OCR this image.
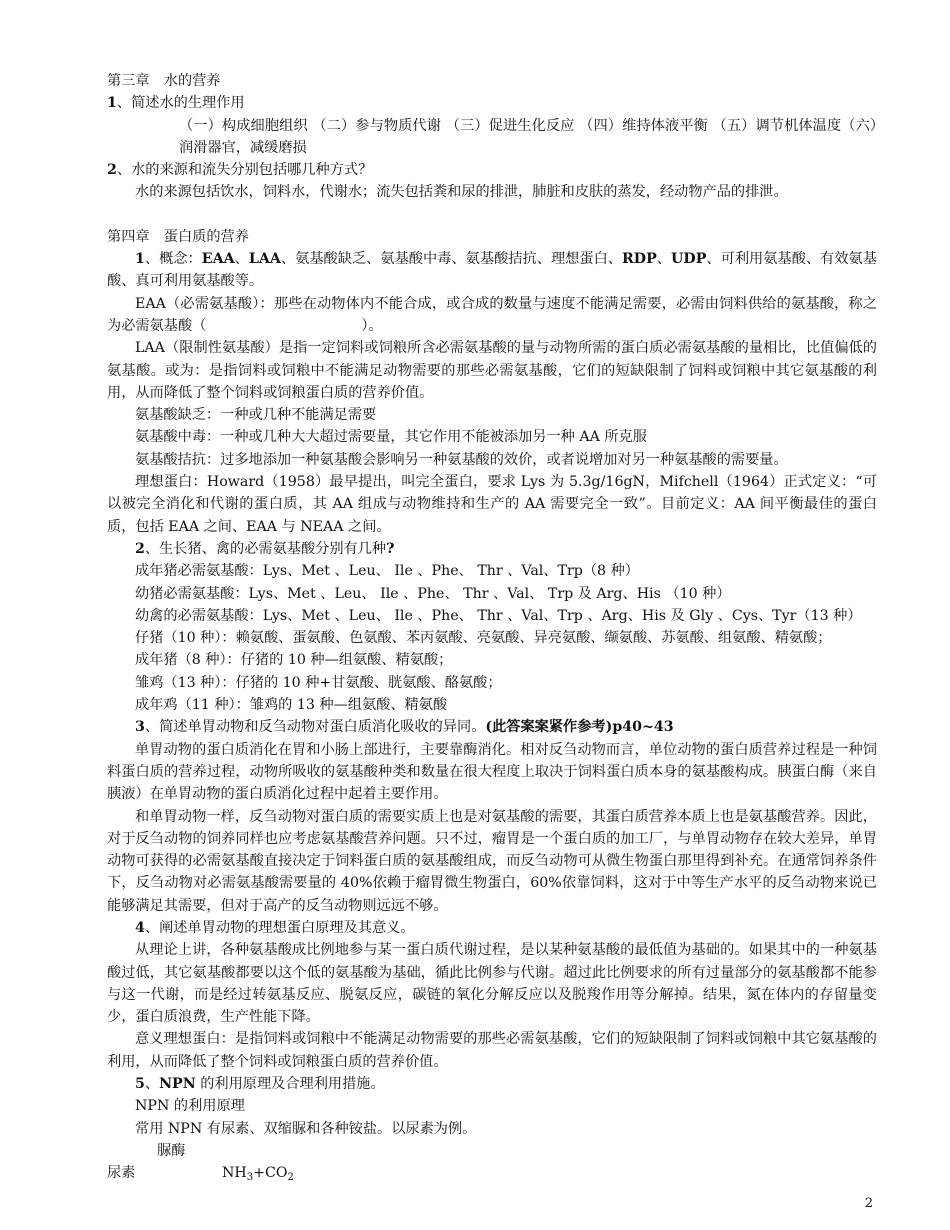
第三章　水的营养

1、简述水的生理作用

（一）构成细胞组织 （二）参与物质代谢 （三）促进生化反应 （四）维持体液平衡 （五）调节机体温度（六）润滑器官，减缓磨损

2、水的来源和流失分别包括哪几种方式？

水的来源包括饮水，饲料水，代谢水；流失包括粪和尿的排泄，肺脏和皮肤的蒸发，经动物产品的排泄。

第四章　蛋白质的营养

1、概念：EAA、LAA、氨基酸缺乏、氨基酸中毒、氨基酸拮抗、理想蛋白、RDP、UDP、可利用氨基酸、有效氨基酸、真可利用氨基酸等。

EAA（必需氨基酸）：那些在动物体内不能合成，或合成的数量与速度不能满足需要，必需由饲料供给的氨基酸，称之为必需氨基酸（	）。

LAA（限制性氨基酸）是指一定饲料或饲粮所含必需氨基酸的量与动物所需的蛋白质必需氨基酸的量相比，比值偏低的 氨基酸。或为：是指饲料或饲粮中不能满足动物需要的那些必需氨基酸，它们的短缺限制了饲料或饲粮中其它氨基酸的利用，从而降低了整个饲料或饲粮蛋白质的营养价值。

氨基酸缺乏：一种或几种不能满足需要

氨基酸中毒：一种或几种大大超过需要量，其它作用不能被添加另一种 AA 所克服

氨基酸拮抗：过多地添加一种氨基酸会影响另一种氨基酸的效价，或者说增加对另一种氨基酸的需要量。

理想蛋白：Howard（1958）最早提出，叫完全蛋白，要求 Lys 为 5.3g/16gN，Mifchell（1964）正式定义：“可以被完全消化和代谢的蛋白质，其 AA 组成与动物维持和生产的 AA 需要完全一致”。目前定义：AA 间平衡最佳的蛋白质，包括 EAA 之间、EAA 与 NEAA 之间。

2、生长猪、禽的必需氨基酸分别有几种?

成年猪必需氨基酸：Lys、Met 、Leu、 Ile 、Phe、 Thr 、Val、Trp（8 种）

幼猪必需氨基酸：Lys、Met 、Leu、 Ile 、Phe、 Thr 、Val、 Trp 及 Arg、His （10 种）

幼禽的必需氨基酸：Lys、Met 、Leu、 Ile 、Phe、 Thr 、Val、Trp 、Arg、His 及 Gly 、Cys、Tyr（13 种）

仔猪（10 种）：赖氨酸、蛋氨酸、色氨酸、苯丙氨酸、亮氨酸、异亮氨酸、缬氨酸、苏氨酸、组氨酸、精氨酸；

成年猪（8 种）：仔猪的 10 种—组氨酸、精氨酸；

雏鸡（13 种）：仔猪的 10 种+甘氨酸、胱氨酸、酪氨酸；

成年鸡（11 种）：雏鸡的 13 种—组氨酸、精氨酸

3、简述单胃动物和反刍动物对蛋白质消化吸收的异同。(此答案案紧作参考)p40~43

单胃动物的蛋白质消化在胃和小肠上部进行，主要靠酶消化。相对反刍动物而言，单位动物的蛋白质营养过程是一种饲料蛋白质的营养过程，动物所吸收的氨基酸种类和数量在很大程度上取决于饲料蛋白质本身的氨基酸构成。胰蛋白酶（来自胰液）在单胃动物的蛋白质消化过程中起着主要作用。

和单胃动物一样，反刍动物对蛋白质的需要实质上也是对氨基酸的需要，其蛋白质营养本质上也是氨基酸营养。因此，对于反刍动物的饲养同样也应考虑氨基酸营养问题。只不过，瘤胃是一个蛋白质的加工厂，与单胃动物存在较大差异，单胃动物可获得的必需氨基酸直接决定于饲料蛋白质的氨基酸组成，而反刍动物可从微生物蛋白那里得到补充。在通常饲养条件下，反刍动物对必需氨基酸需要量的 40%依赖于瘤胃微生物蛋白，60%依靠饲料，这对于中等生产水平的反刍动物来说已能够满足其需要，但对于高产的反刍动物则远远不够。

4、阐述单胃动物的理想蛋白原理及其意义。

从理论上讲，各种氨基酸成比例地参与某一蛋白质代谢过程，是以某种氨基酸的最低值为基础的。如果其中的一种氨基酸过低，其它氨基酸都要以这个低的氨基酸为基础，循此比例参与代谢。超过此比例要求的所有过量部分的氨基酸都不能参与这一代谢，而是经过转氨基反应、脱氨反应，碳链的氧化分解反应以及脱羧作用等分解掉。结果，氮在体内的存留量变少，蛋白质浪费，生产性能下降。

意义理想蛋白：是指饲料或饲粮中不能满足动物需要的那些必需氨基酸，它们的短缺限制了饲料或饲粮中其它氨基酸的利用，从而降低了整个饲料或饲粮蛋白质的营养价值。

5、NPN 的利用原理及合理利用措施。

NPN 的利用原理

常用 NPN 有尿素、双缩脲和各种铵盐。以尿素为例。

脲酶
尿素	$NH_3+CO_2$
2
